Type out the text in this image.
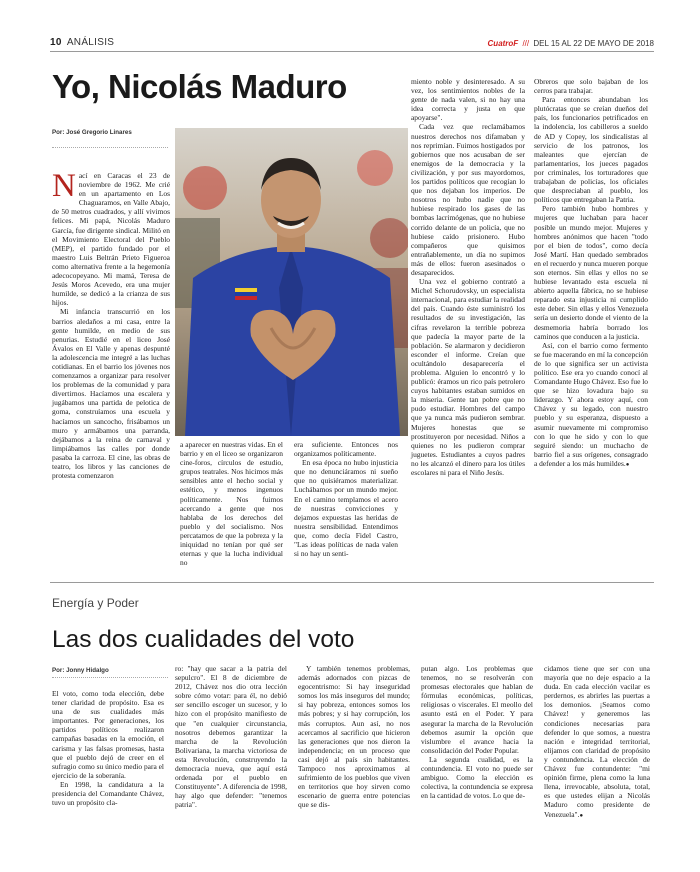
10 ANÁLISIS	CuatroF /// DEL 15 AL 22 DE MAYO DE 2018
Yo, Nicolás Maduro
Por: José Gregorio Linares

Nací en Caracas el 23 de noviembre de 1962. Me crié en un apartamento en Los Chaguaramos, en Valle Abajo, de 50 metros cuadrados, y allí vivimos felices. Mi papá, Nicolás Maduro García, fue dirigente sindical. Militó en el Movimiento Electoral del Pueblo (MEP), el partido fundado por el maestro Luis Beltrán Prieto Figueroa como alternativa frente a la hegemonía adecocopeyano. Mi mamá, Teresa de Jesús Moros Acevedo, era una mujer humilde, se dedicó a la crianza de sus hijos.

Mi infancia transcurrió en los barrios aledaños a mi casa, entre la gente humilde, en medio de sus penurias. Estudié en el liceo José Ávalos en El Valle y apenas despunté la adolescencia me integré a las luchas cotidianas. En el barrio los jóvenes nos comenzamos a organizar para resolver los problemas de la comunidad y para divertirnos. Hacíamos una escalera y jugábamos una partida de pelotica de goma, construíamos una escuela y hacíamos un sancocho, frisábamos un muro y armábamos una parranda, dejábamos a la reina de carnaval y limpiábamos las calles por donde pasaba la carroza. El cine, las obras de teatro, los libros y las canciones de protesta comenzaron

a aparecer en nuestras vidas. En el barrio y en el liceo se organizaron cine-foros, círculos de estudio, grupos teatrales. Nos hicimos más sensibles ante el hecho social y estético, y menos ingenuos políticamente. Nos fuimos acercando a gente que nos hablaba de los derechos del pueblo y del socialismo. Nos percatamos de que la pobreza y la iniquidad no tenían por qué ser eternas y que la lucha individual no

era suficiente. Entonces nos organizamos políticamente.

En esa época no hubo injusticia que no denunciáramos ni sueño que no quisiéramos materializar. Luchábamos por un mundo mejor. En el camino templamos el acero de nuestras convicciones y dejamos expuestas las heridas de nuestra sensibilidad. Entendimos que, como decía Fidel Castro, "Las ideas políticas de nada valen si no hay un senti-

miento noble y desinteresado. A su vez, los sentimientos nobles de la gente de nada valen, si no hay una idea correcta y justa en que apoyarse".

Cada vez que reclamábamos nuestros derechos nos difamaban y nos reprimían. Fuimos hostigados por gobiernos que nos acusaban de ser enemigos de la democracia y la civilización, y por sus mayordomos, los partidos políticos que recogían lo que nos dejaban los imperios. De nosotros no hubo nadie que no hubiese respirado los gases de las bombas lacrimógenas, que no hubiese corrido delante de un policía, que no hubiese caído prisionero. Hubo compañeros que quisimos entrañablemente, un día no supimos más de ellos: fueron asesinados o desaparecidos.

Una vez el gobierno contrató a Michel Schorudovsky, un especialista internacional, para estudiar la realidad del país. Cuando éste suministró los resultados de su investigación, las cifras revelaron la terrible pobreza que padecía la mayor parte de la población. Se alarmaron y decidieron esconder el informe. Creían que ocultándolo desaparecería el problema. Alguien lo encontró y lo publicó: éramos un rico país petrolero cuyos habitantes estaban sumidos en la miseria. Gente tan pobre que no pudo estudiar. Hombres del campo que ya nunca más pudieron sembrar. Mujeres honestas que se prostituyeron por necesidad. Niños a quienes no les pudieron comprar juguetes. Estudiantes a cuyos padres no les alcanzó el dinero para los útiles escolares ni para el Niño Jesús.

Obreros que solo bajaban de los cerros para trabajar.

Para entonces abundaban los plutócratas que se creían dueños del país, los funcionarios petrificados en la indolencia, los cabilleros a sueldo de AD y Copey, los sindicalistas al servicio de los patronos, los maleantes que ejercían de parlamentarios, los jueces pagados por criminales, los torturadores que trabajaban de policías, los oficiales que despreciaban al pueblo, los políticos que entregaban la Patria.

Pero también hubo hombres y mujeres que luchaban para hacer posible un mundo mejor. Mujeres y hombres anónimos que hacen "todo por el bien de todos", como decía José Martí. Han quedado sembrados en el recuerdo y nunca mueren porque son eternos. Sin ellas y ellos no se hubiese levantado esta escuela ni abierto aquella fábrica, no se hubiese reparado esta injusticia ni cumplido este deber. Sin ellas y ellos Venezuela sería un desierto donde el viento de la desmemoria habría borrado los caminos que conducen a la justicia.

Así, con el barrio como fermento se fue macerando en mí la concepción de lo que significa ser un activista político. Ese era yo cuando conocí al Comandante Hugo Chávez. Eso fue lo que se hizo lovadura bajo su liderazgo. Y ahora estoy aquí, con Chávez y su legado, con nuestro pueblo y su esperanza, dispuesto a asumir nuevamente mi compromiso con lo que he sido y con lo que seguiré siendo: un muchacho de barrio fiel a sus orígenes, consagrado a defender a los más humildes.●

Energía y Poder
Las dos cualidades del voto
Por: Jonny Hidalgo

El voto, como toda elección, debe tener claridad de propósito. Esa es una de sus cualidades más importantes. Por generaciones, los partidos políticos realizaron campañas basadas en la emoción, el carisma y las falsas promesas, hasta que el pueblo dejó de creer en el sufragio como su único medio para el ejercicio de la soberanía.

En 1998, la candidatura a la presidencia del Comandante Chávez, tuvo un propósito cla-

ro: "hay que sacar a la patria del sepulcro". El 8 de diciembre de 2012, Chávez nos dio otra lección sobre cómo votar: para él, no debió ser sencillo escoger un sucesor, y lo hizo con el propósito manifiesto de que "en cualquier circunstancia, nosotros debemos garantizar la marcha de la Revolución Bolivariana, la marcha victoriosa de esta Revolución, construyendo la democracia nueva, que aquí está ordenada por el pueblo en Constituyente". A diferencia de 1998, hay algo que defender: "tenemos patria".

Y también tenemos problemas, además adornados con pizcas de egocentrismo: Si hay inseguridad somos los más inseguros del mundo; si hay pobreza, entonces somos los más pobres; y si hay corrupción, los más corruptos. Aun así, no nos acercamos al sacrificio que hicieron las generaciones que nos dieron la independencia; en un proceso que casi dejó al país sin habitantes. Tampoco nos aproximamos al sufrimiento de los pueblos que viven en territorios que hoy sirven como escenario de guerra entre potencias que se dis-

putan algo. Los problemas que tenemos, no se resolverán con promesas electorales que hablan de fórmulas económicas, políticas, religiosas o viscerales. El meollo del asunto está en el Poder. Y para asegurar la marcha de la Revolución debemos asumir la opción que vislumbre el avance hacia la consolidación del Poder Popular.

La segunda cualidad, es la contundencia. El voto no puede ser ambiguo. Como la elección es colectiva, la contundencia se expresa en la cantidad de votos. Lo que de-

cidamos tiene que ser con una mayoría que no deje espacio a la duda. En cada elección vacilar es perdernos, es abrirles las puertas a los demonios. ¡Seamos como Chávez! y generemos las condiciones necesarias para defender lo que somos, a nuestra nación e integridad territorial, elijamos con claridad de propósito y contundencia. La elección de Chávez fue contundente: "mi opinión firme, plena como la luna llena, irrevocable, absoluta, total, es que ustedes elijan a Nicolás Maduro como presidente de Venezuela".●
